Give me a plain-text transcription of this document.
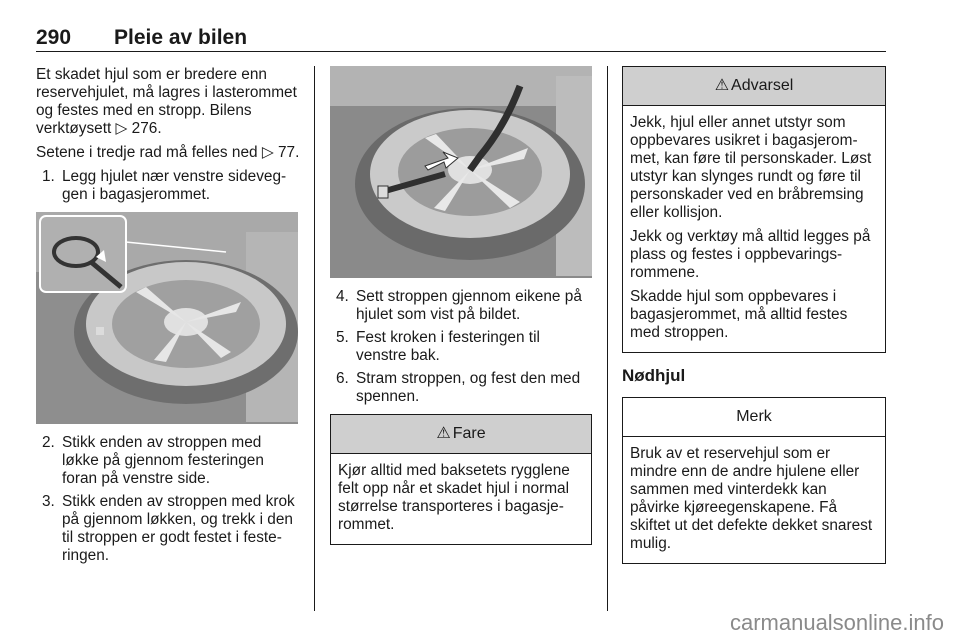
290 Pleie av bilen

Et skadet hjul som er bredere enn reservehjulet, må lagres i lasterommet og festes med en stropp. Bilens verktøysett ▷ 276.

Setene i tredje rad må felles ned ▷ 77.

1. Legg hjulet nær venstre sideveggen i bagasjerommet.
2. Stikk enden av stroppen med løkke på gjennom festeringen foran på venstre side.
3. Stikk enden av stroppen med krok på gjennom løkken, og trekk i den til stroppen er godt festet i festeringen.
4. Sett stroppen gjennom eikene på hjulet som vist på bildet.
5. Fest kroken i festeringen til venstre bak.
6. Stram stroppen, og fest den med spennen.
⚠ Fare

Kjør alltid med baksetets rygglene felt opp når et skadet hjul i normal størrelse transporteres i bagasjerommet.

⚠ Advarsel

Jekk, hjul eller annet utstyr som oppbevares usikret i bagasjerommet, kan føre til personskader. Løst utstyr kan slynges rundt og føre til personskader ved en bråbremsing eller kollisjon.

Jekk og verktøy må alltid legges på plass og festes i oppbevaringsrommene.

Skadde hjul som oppbevares i bagasjerommet, må alltid festes med stroppen.

Nødhjul
Merk

Bruk av et reservehjul som er mindre enn de andre hjulene eller sammen med vinterdekk kan påvirke kjøreegenskapene. Få skiftet ut det defekte dekket snarest mulig.

carmanualsonline.info
